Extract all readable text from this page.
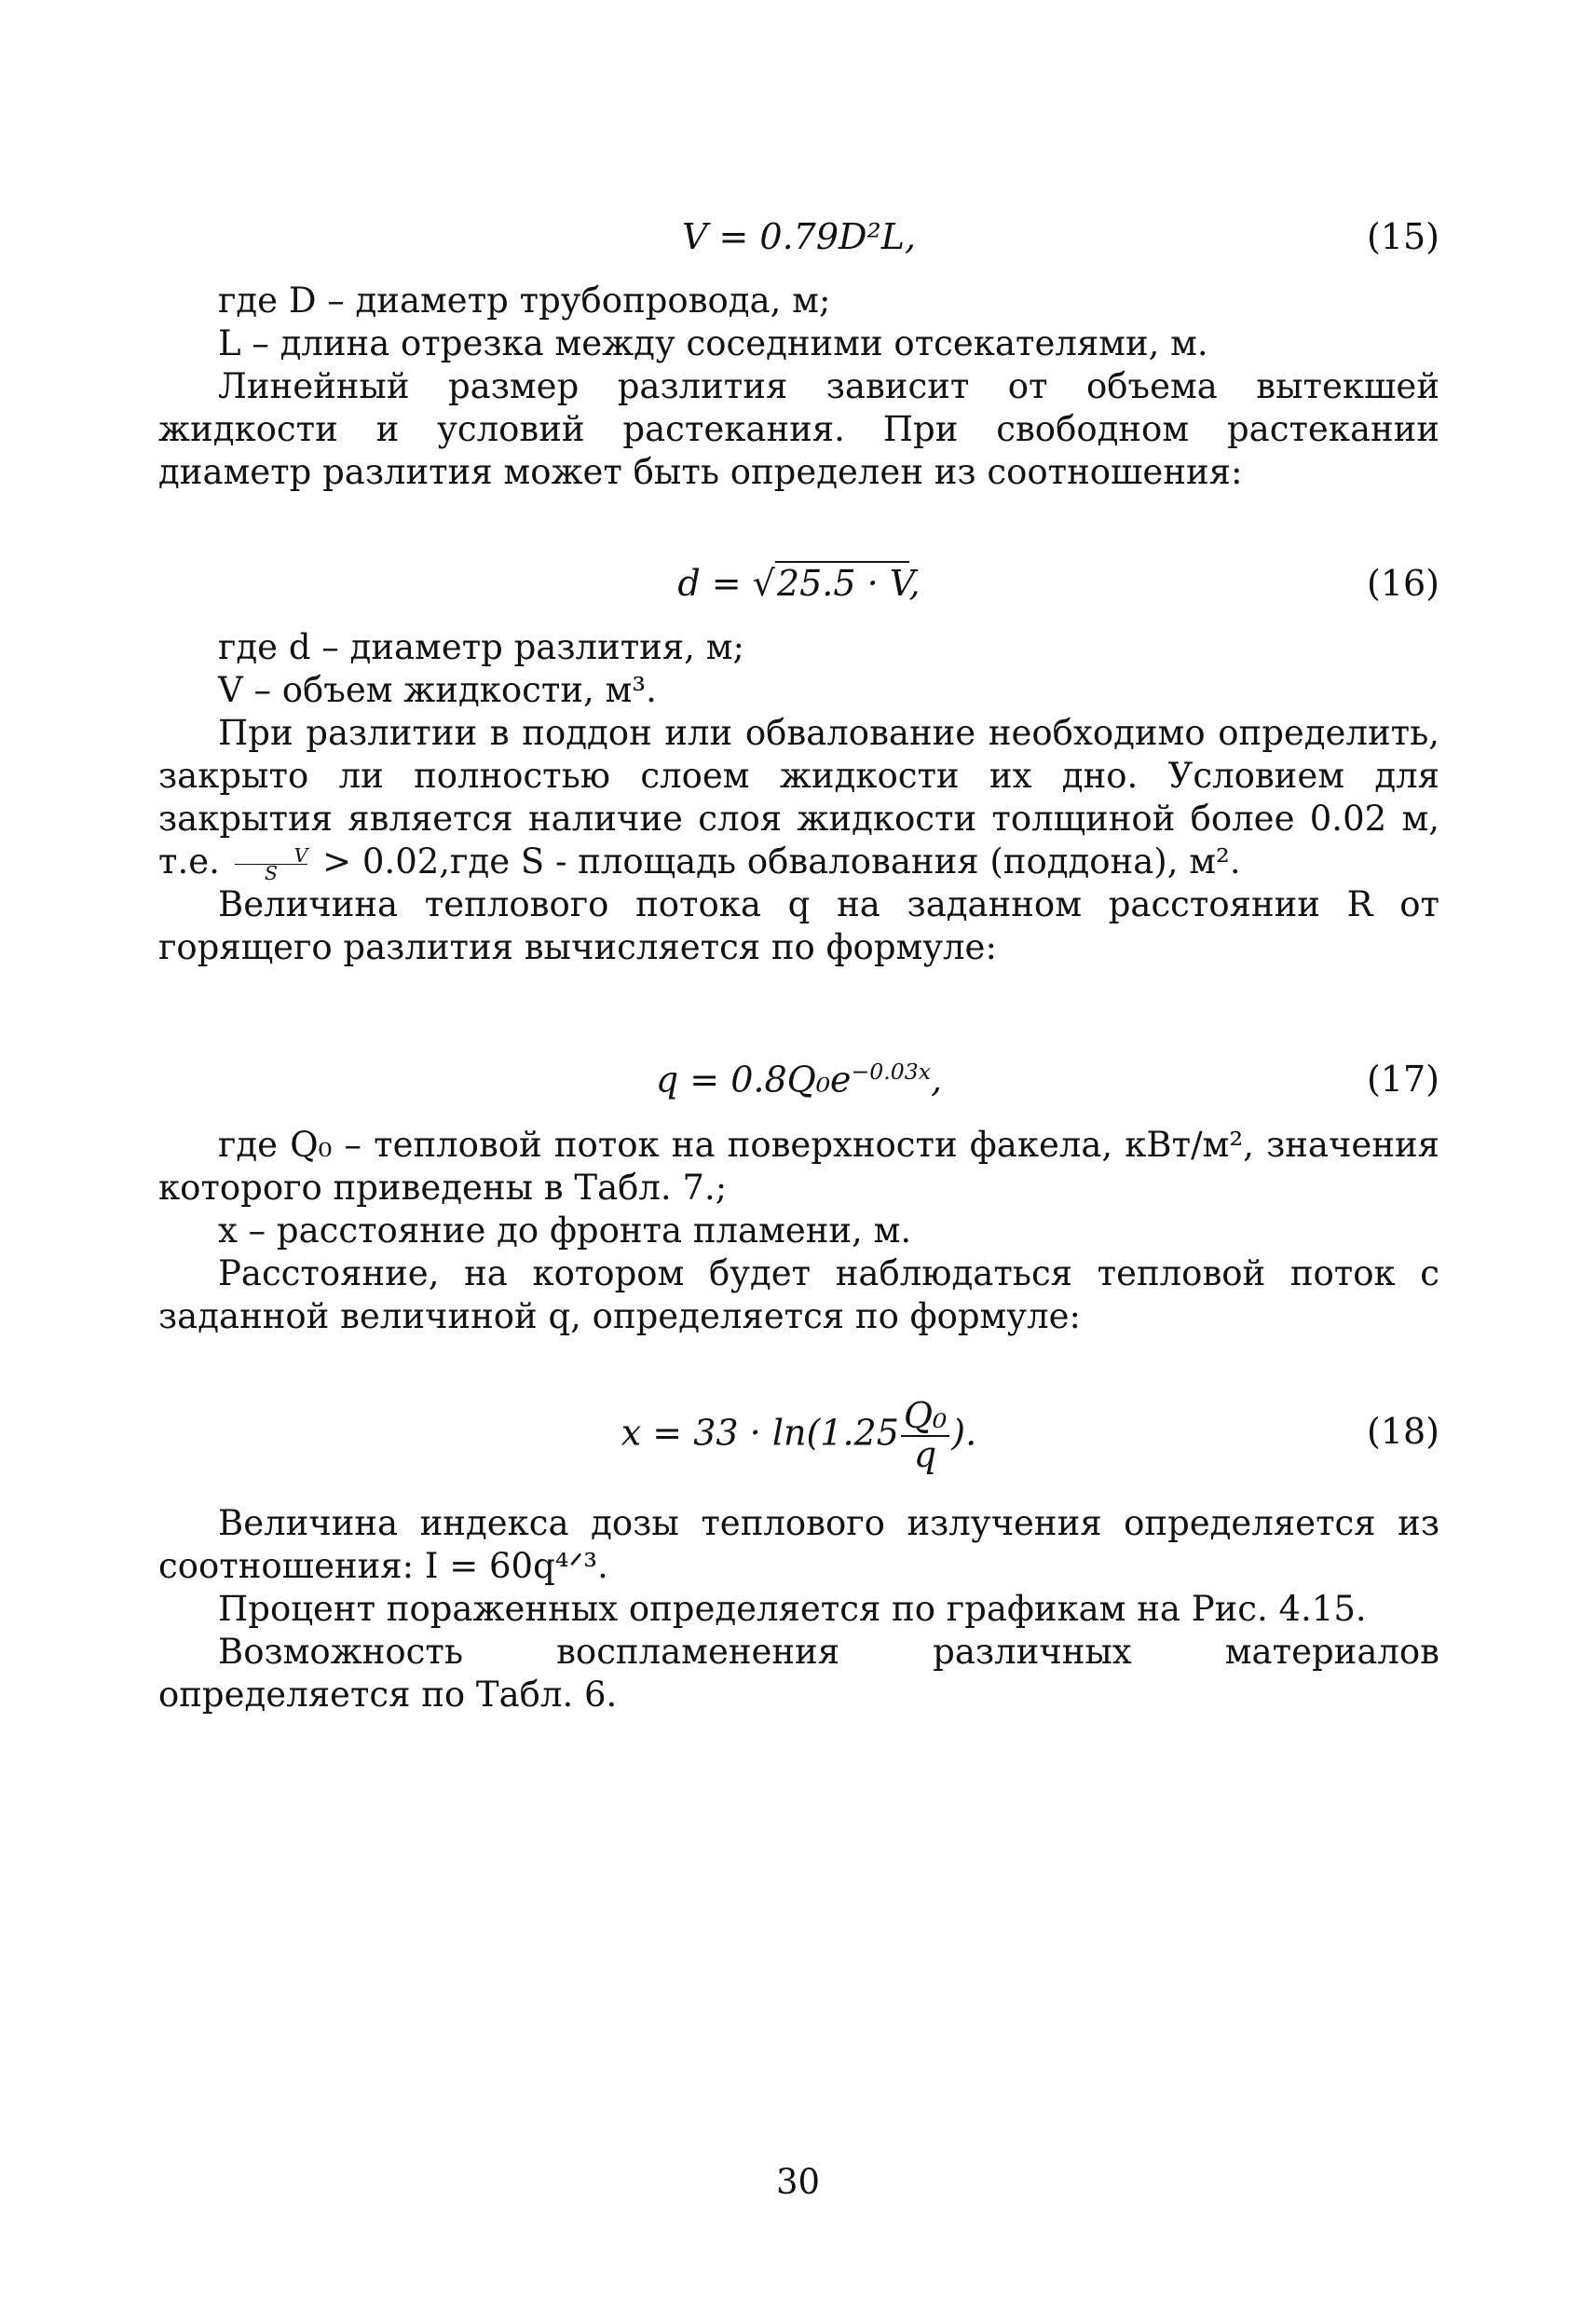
V = 0.79D²L,	(15)

где D – диаметр трубопровода, м;

L – длина отрезка между соседними отсекателями, м.

Линейный размер разлития зависит от объема вытекшей жидкости и условий растекания. При свободном растекании диаметр разлития может быть определен из соотношения:

d = √25.5 · V,	(16)

где d – диаметр разлития, м;

V – объем жидкости, м³.

При разлитии в поддон или обвалование необходимо определить, закрыто ли полностью слоем жидкости их дно. Условием для закрытия является наличие слоя жидкости толщиной более 0.02 м, т.е. $\frac{V}{S} > 0.02,где$ S - площадь обвалования (поддона), м².

Величина теплового потока q на заданном расстоянии R от горящего разлития вычисляется по формуле:

$q = 0.8Q_0e^{-0.03x}$,	(17)

где Q₀ – тепловой поток на поверхности факела, кВт/м², значения которого приведены в Табл. 7.;

x – расстояние до фронта пламени, м.

Расстояние, на котором будет наблюдаться тепловой поток с заданной величиной q, определяется по формуле:

$x = 33 \cdot \ln(1.25 \frac{\text{Q₀}}{q}$ ).	(18)

Величина индекса дозы теплового излучения определяется из соотношения: I = 60q⁴ᐟ³.

Процент пораженных определяется по графикам на Рис. 4.15.

Возможность воспламенения различных материалов определяется по Табл. 6.

30
